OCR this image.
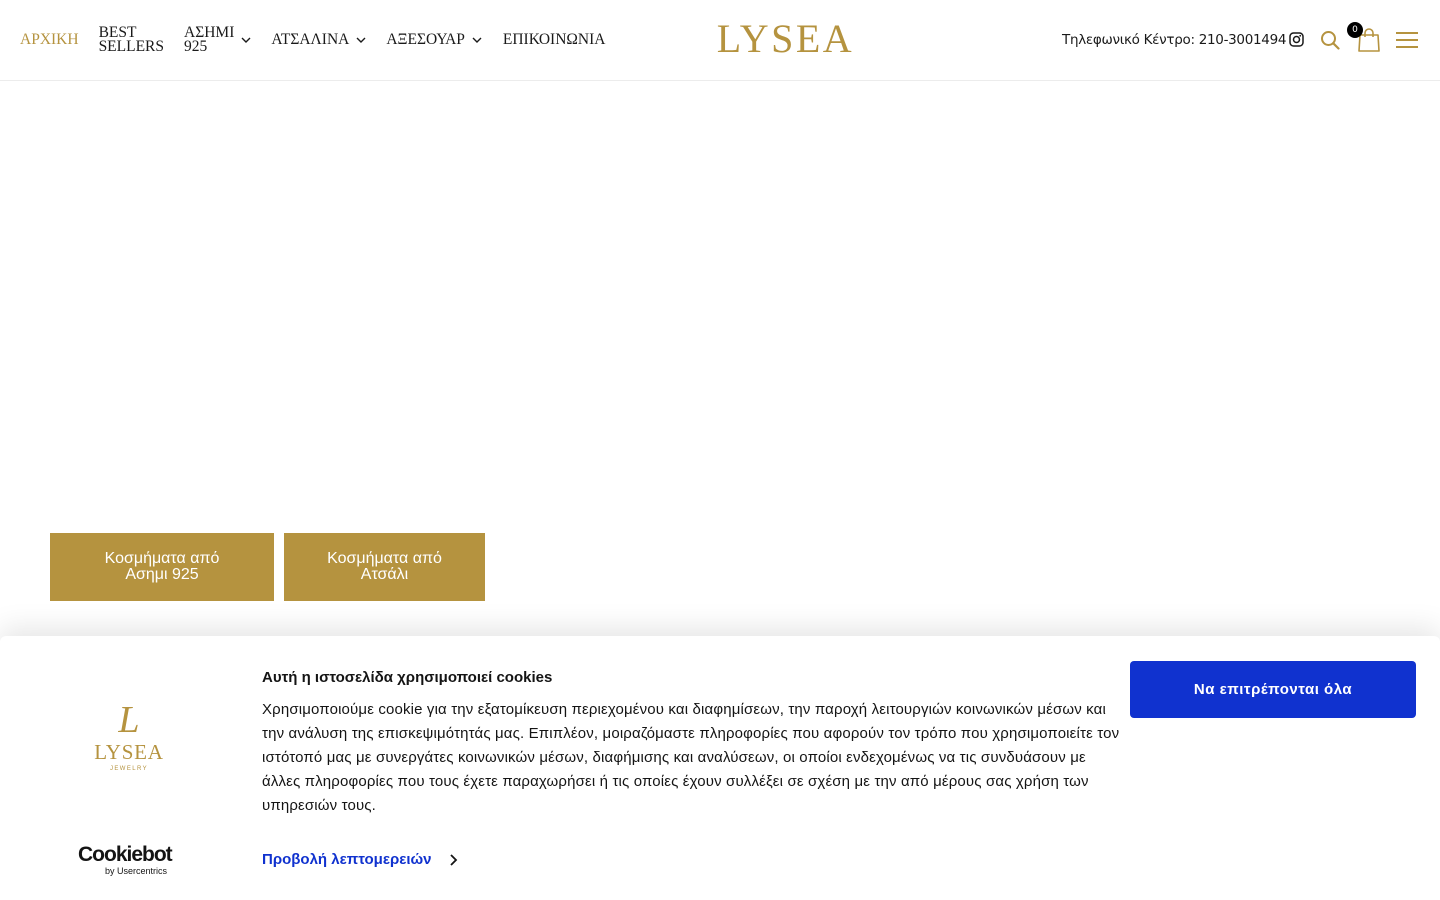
ΑΡΧΙΚΗ BEST
SELLERS
ΑΣΗΜΙ
925	ΑΤΣΑΛΙΝΑ ΑΞΕΣΟΥΑΡ ΕΠΙΚΟΙΝΩΝΙΑ	LYSEA	Τηλεφωνικό Κέντρο: 210-3001494
0
Κοσμήματα από
Ασημι 925
Κοσμήματα από
Ατσάλι
L
LYSEA
JEWELRY
Αυτή η ιστοσελίδα χρησιμοποιεί cookies
Χρησιμοποιούμε cookie για την εξατομίκευση περιεχομένου και διαφημίσεων, την παροχή λειτουργιών κοινωνικών μέσων και την ανάλυση της επισκεψιμότητάς μας. Επιπλέον, μοιραζόμαστε πληροφορίες που αφορούν τον τρόπο που χρησιμοποιείτε τον ιστότοπό μας με συνεργάτες κοινωνικών μέσων, διαφήμισης και αναλύσεων, οι οποίοι ενδεχομένως να τις συνδυάσουν με άλλες πληροφορίες που τους έχετε παραχωρήσει ή τις οποίες έχουν συλλέξει σε σχέση με την από μέρους σας χρήση των υπηρεσιών τους.
Προβολή λεπτομερειών
Να επιτρέπονται όλα
Cookiebot
by Usercentrics
